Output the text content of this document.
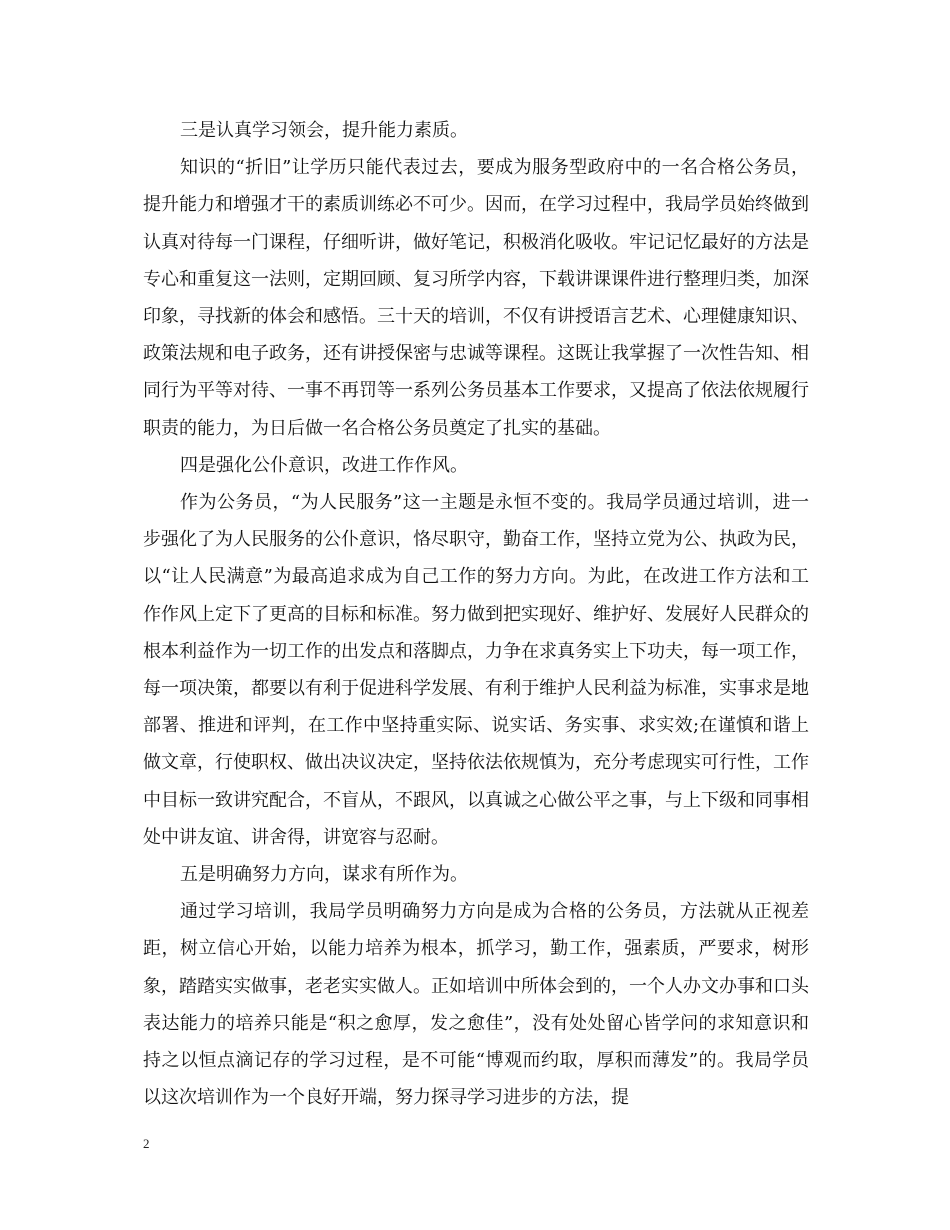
三是认真学习领会，提升能力素质。

知识的“折旧”让学历只能代表过去，要成为服务型政府中的一名合格公务员，提升能力和增强才干的素质训练必不可少。因而，在学习过程中，我局学员始终做到认真对待每一门课程，仔细听讲，做好笔记，积极消化吸收。牢记记忆最好的方法是专心和重复这一法则，定期回顾、复习所学内容，下载讲课课件进行整理归类，加深印象，寻找新的体会和感悟。三十天的培训，不仅有讲授语言艺术、心理健康知识、政策法规和电子政务，还有讲授保密与忠诚等课程。这既让我掌握了一次性告知、相同行为平等对待、一事不再罚等一系列公务员基本工作要求，又提高了依法依规履行职责的能力，为日后做一名合格公务员奠定了扎实的基础。

四是强化公仆意识，改进工作作风。

作为公务员，“为人民服务”这一主题是永恒不变的。我局学员通过培训，进一步强化了为人民服务的公仆意识，恪尽职守，勤奋工作，坚持立党为公、执政为民，以“让人民满意”为最高追求成为自己工作的努力方向。为此，在改进工作方法和工作作风上定下了更高的目标和标准。努力做到把实现好、维护好、发展好人民群众的根本利益作为一切工作的出发点和落脚点，力争在求真务实上下功夫，每一项工作，每一项决策，都要以有利于促进科学发展、有利于维护人民利益为标准，实事求是地部署、推进和评判，在工作中坚持重实际、说实话、务实事、求实效;在谨慎和谐上做文章，行使职权、做出决议决定，坚持依法依规慎为，充分考虑现实可行性，工作中目标一致讲究配合，不盲从，不跟风，以真诚之心做公平之事，与上下级和同事相处中讲友谊、讲舍得，讲宽容与忍耐。

五是明确努力方向，谋求有所作为。

通过学习培训，我局学员明确努力方向是成为合格的公务员，方法就从正视差距，树立信心开始，以能力培养为根本，抓学习，勤工作，强素质，严要求，树形象，踏踏实实做事，老老实实做人。正如培训中所体会到的，一个人办文办事和口头表达能力的培养只能是“积之愈厚，发之愈佳”，没有处处留心皆学问的求知意识和持之以恒点滴记存的学习过程，是不可能“博观而约取，厚积而薄发”的。我局学员以这次培训作为一个良好开端，努力探寻学习进步的方法，提

2
